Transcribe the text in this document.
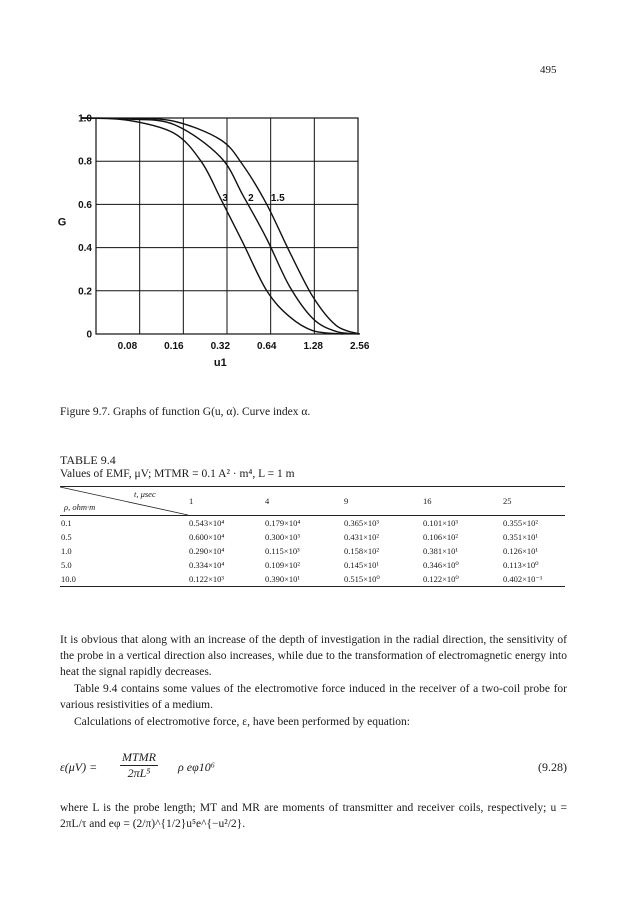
495
0
0.2
0.4
0.6
0.8
1.0
0.08	0.16	0.32	0.64	1.28	2.56
G
u1
3 2 1.5
Figure 9.7. Graphs of function G(u, α). Curve index α.
TABLE 9.4
Values of EMF, μV; MTMR = 0.1 A² · m⁴, L = 1 m
t, μsec
ρ, ohm·m	1	4	9	16	25
0.1	0.543×10⁴	0.179×10⁴	0.365×10³	0.101×10³	0.355×10²
0.5	0.600×10⁴	0.300×10³	0.431×10²	0.106×10²	0.351×10¹
1.0	0.290×10⁴	0.115×10³	0.158×10²	0.381×10¹	0.126×10¹
5.0	0.334×10⁴	0.109×10²	0.145×10¹	0.346×10⁰	0.113×10⁰
10.0	0.122×10³	0.390×10¹	0.515×10⁰	0.122×10⁰	0.402×10⁻¹

It is obvious that along with an increase of the depth of investigation in the radial direction, the sensitivity of the probe in a vertical direction also increases, while due to the transformation of electromagnetic energy into heat the signal rapidly decreases.

Table 9.4 contains some values of the electromotive force induced in the receiver of a two-coil probe for various resistivities of a medium.

Calculations of electromotive force, ε, have been performed by equation:

ε(μV) =
MTMR
2πL⁵	ρ eφ10⁶	(9.28)

where L is the probe length; MT and MR are moments of transmitter and receiver coils, respectively; u = 2πL/τ and eφ = (2/π)^{1/2}u⁵e^{−u²/2}.
